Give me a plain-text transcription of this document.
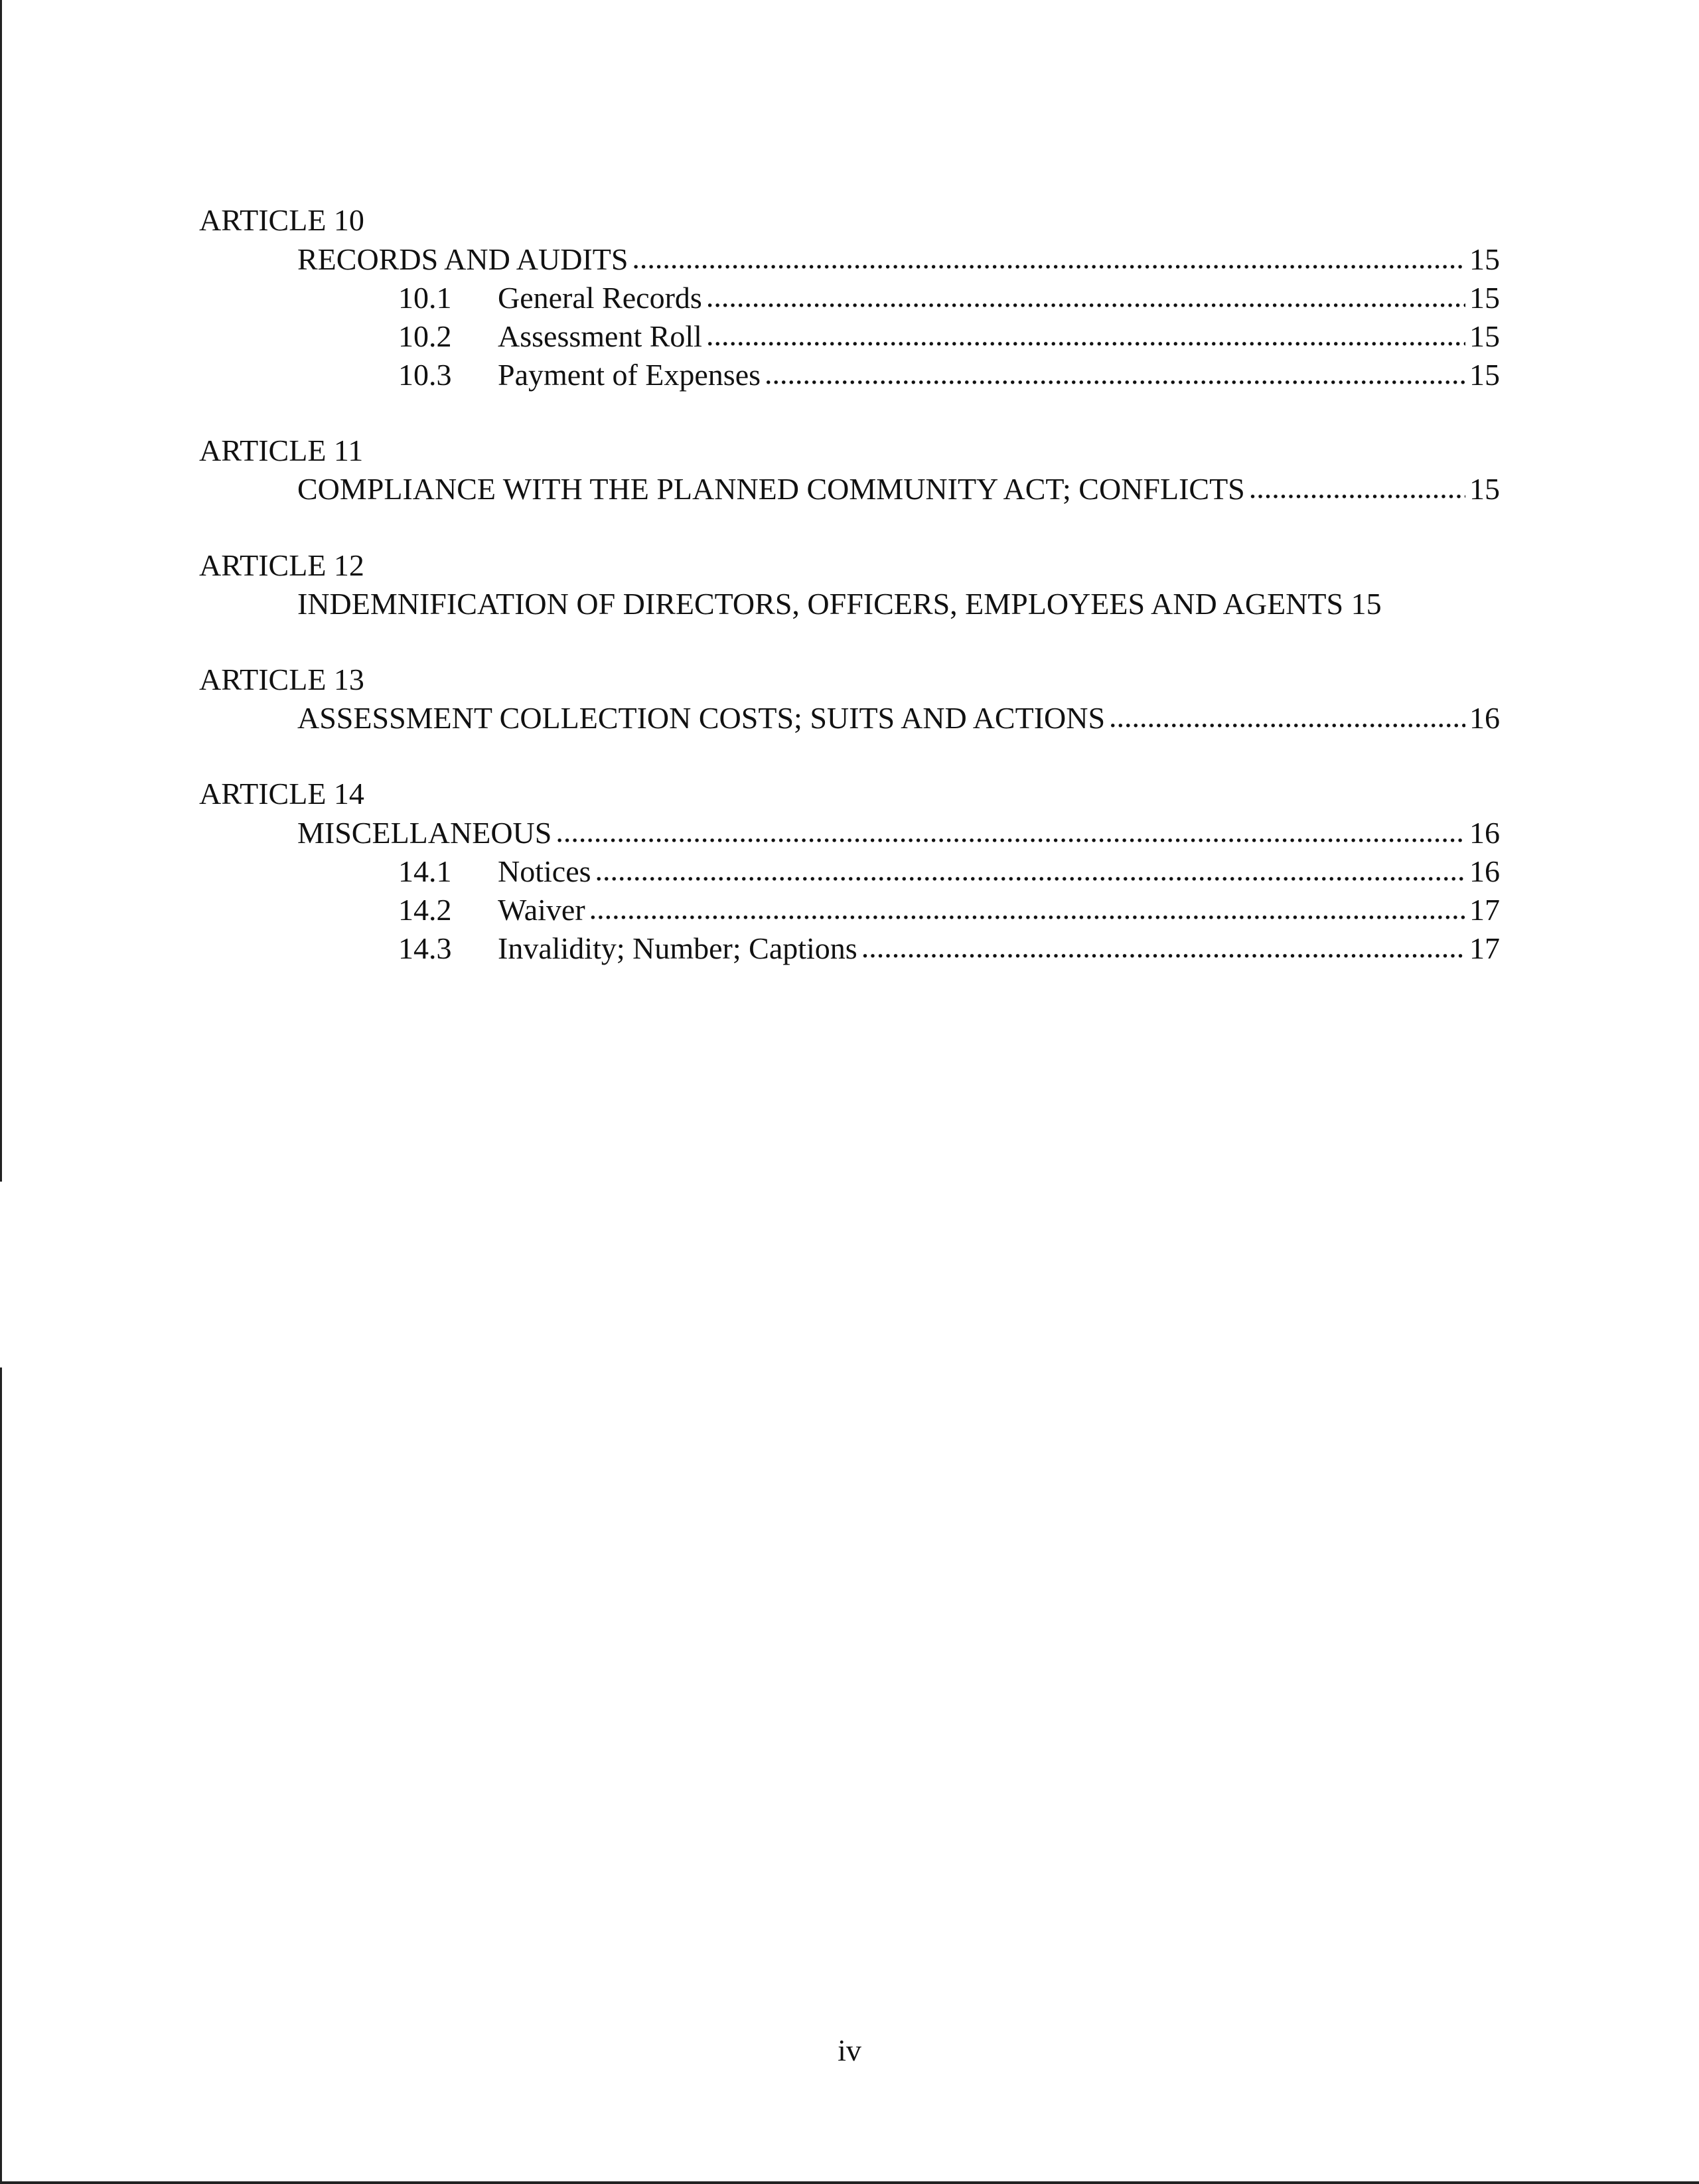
ARTICLE 10
RECORDS AND AUDITS .....	15
10.1	General Records .....	15
10.2	Assessment Roll .....	15
10.3	Payment of Expenses .....	15
ARTICLE 11
COMPLIANCE WITH THE PLANNED COMMUNITY ACT; CONFLICTS .....	15
ARTICLE 12
INDEMNIFICATION OF DIRECTORS, OFFICERS, EMPLOYEES AND AGENTS 15
ARTICLE 13
ASSESSMENT COLLECTION COSTS; SUITS AND ACTIONS .....	16
ARTICLE 14
MISCELLANEOUS .....	16
14.1	Notices .....	16
14.2	Waiver .....	17
14.3	Invalidity; Number; Captions .....	17
iv
